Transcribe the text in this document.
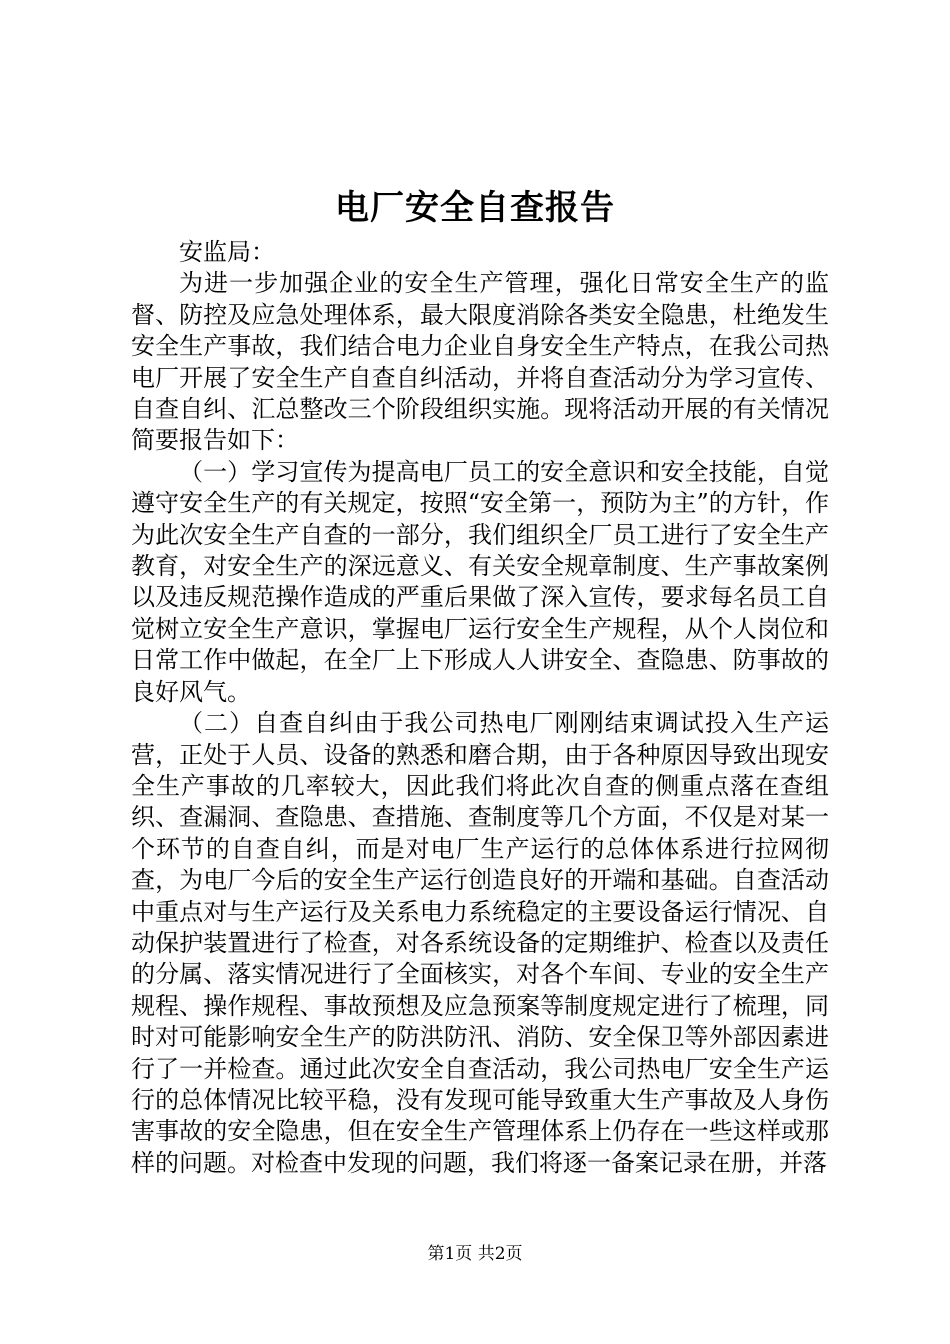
电厂安全自查报告

安监局：

为进一步加强企业的安全生产管理，强化日常安全生产的监督、防控及应急处理体系，最大限度消除各类安全隐患，杜绝发生安全生产事故，我们结合电力企业自身安全生产特点，在我公司热电厂开展了安全生产自查自纠活动，并将自查活动分为学习宣传、自查自纠、汇总整改三个阶段组织实施。现将活动开展的有关情况简要报告如下：

（一）学习宣传为提高电厂员工的安全意识和安全技能，自觉遵守安全生产的有关规定，按照“安全第一，预防为主”的方针，作为此次安全生产自查的一部分，我们组织全厂员工进行了安全生产教育，对安全生产的深远意义、有关安全规章制度、生产事故案例以及违反规范操作造成的严重后果做了深入宣传，要求每名员工自觉树立安全生产意识，掌握电厂运行安全生产规程，从个人岗位和日常工作中做起，在全厂上下形成人人讲安全、查隐患、防事故的良好风气。

（二）自查自纠由于我公司热电厂刚刚结束调试投入生产运营，正处于人员、设备的熟悉和磨合期，由于各种原因导致出现安全生产事故的几率较大，因此我们将此次自查的侧重点落在查组织、查漏洞、查隐患、查措施、查制度等几个方面，不仅是对某一个环节的自查自纠，而是对电厂生产运行的总体体系进行拉网彻查，为电厂今后的安全生产运行创造良好的开端和基础。自查活动中重点对与生产运行及关系电力系统稳定的主要设备运行情况、自动保护装置进行了检查，对各系统设备的定期维护、检查以及责任的分属、落实情况进行了全面核实，对各个车间、专业的安全生产规程、操作规程、事故预想及应急预案等制度规定进行了梳理，同时对可能影响安全生产的防洪防汛、消防、安全保卫等外部因素进行了一并检查。通过此次安全自查活动，我公司热电厂安全生产运行的总体情况比较平稳，没有发现可能导致重大生产事故及人身伤害事故的安全隐患，但在安全生产管理体系上仍存在一些这样或那样的问题。对检查中发现的问题，我们将逐一备案记录在册，并落

第1页 共2页
